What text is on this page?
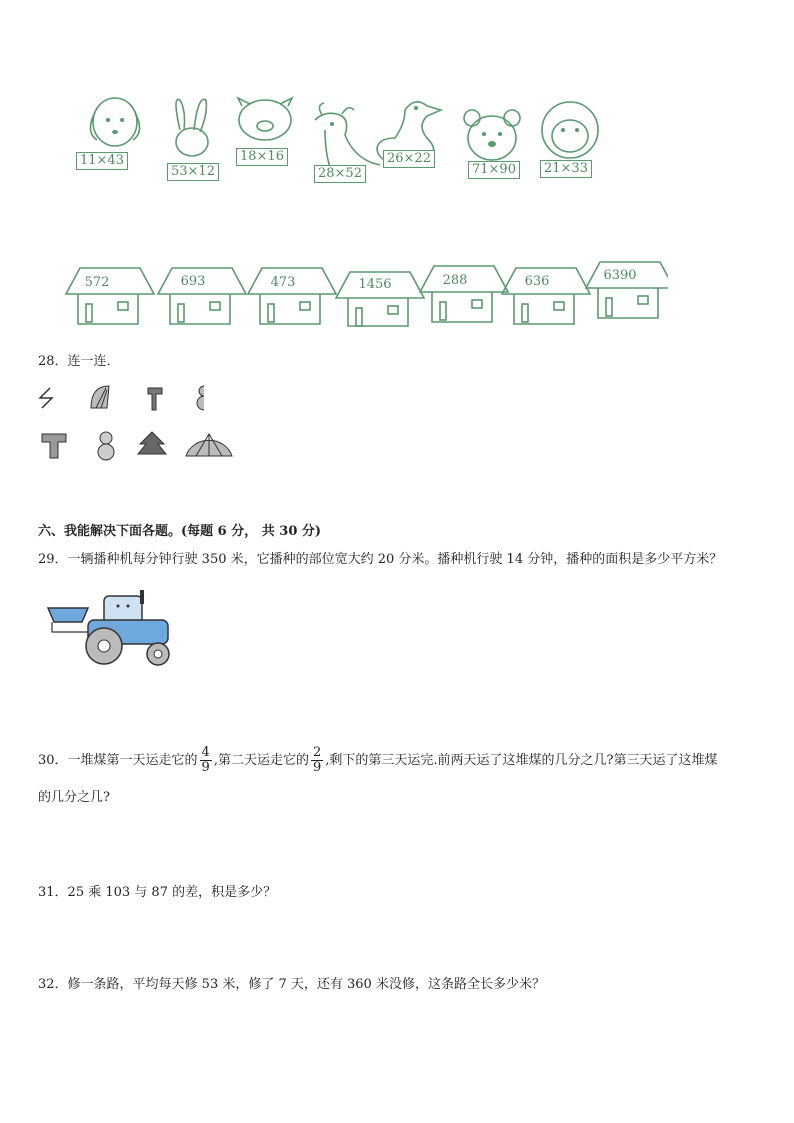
11×43
53×12
18×16
28×52
26×22
71×90	21×33
572	693	473	1456	288	636	6390
28．连一连．
六、我能解决下面各题。(每题 6 分， 共 30 分)
29．一辆播种机每分钟行驶 350 米，它播种的部位宽大约 20 分米。播种机行驶 14 分钟，播种的面积是多少平方米？
30．一堆煤第一天运走它的 $\frac{4}{9}$ ,第二天运走它的 $\frac{2}{9}$ ,剩下的第三天运完.前两天运了这堆煤的几分之几?第三天运了这堆煤
的几分之几?
31．25 乘 103 与 87 的差，积是多少？
32．修一条路，平均每天修 53 米，修了 7 天，还有 360 米没修，这条路全长多少米？
